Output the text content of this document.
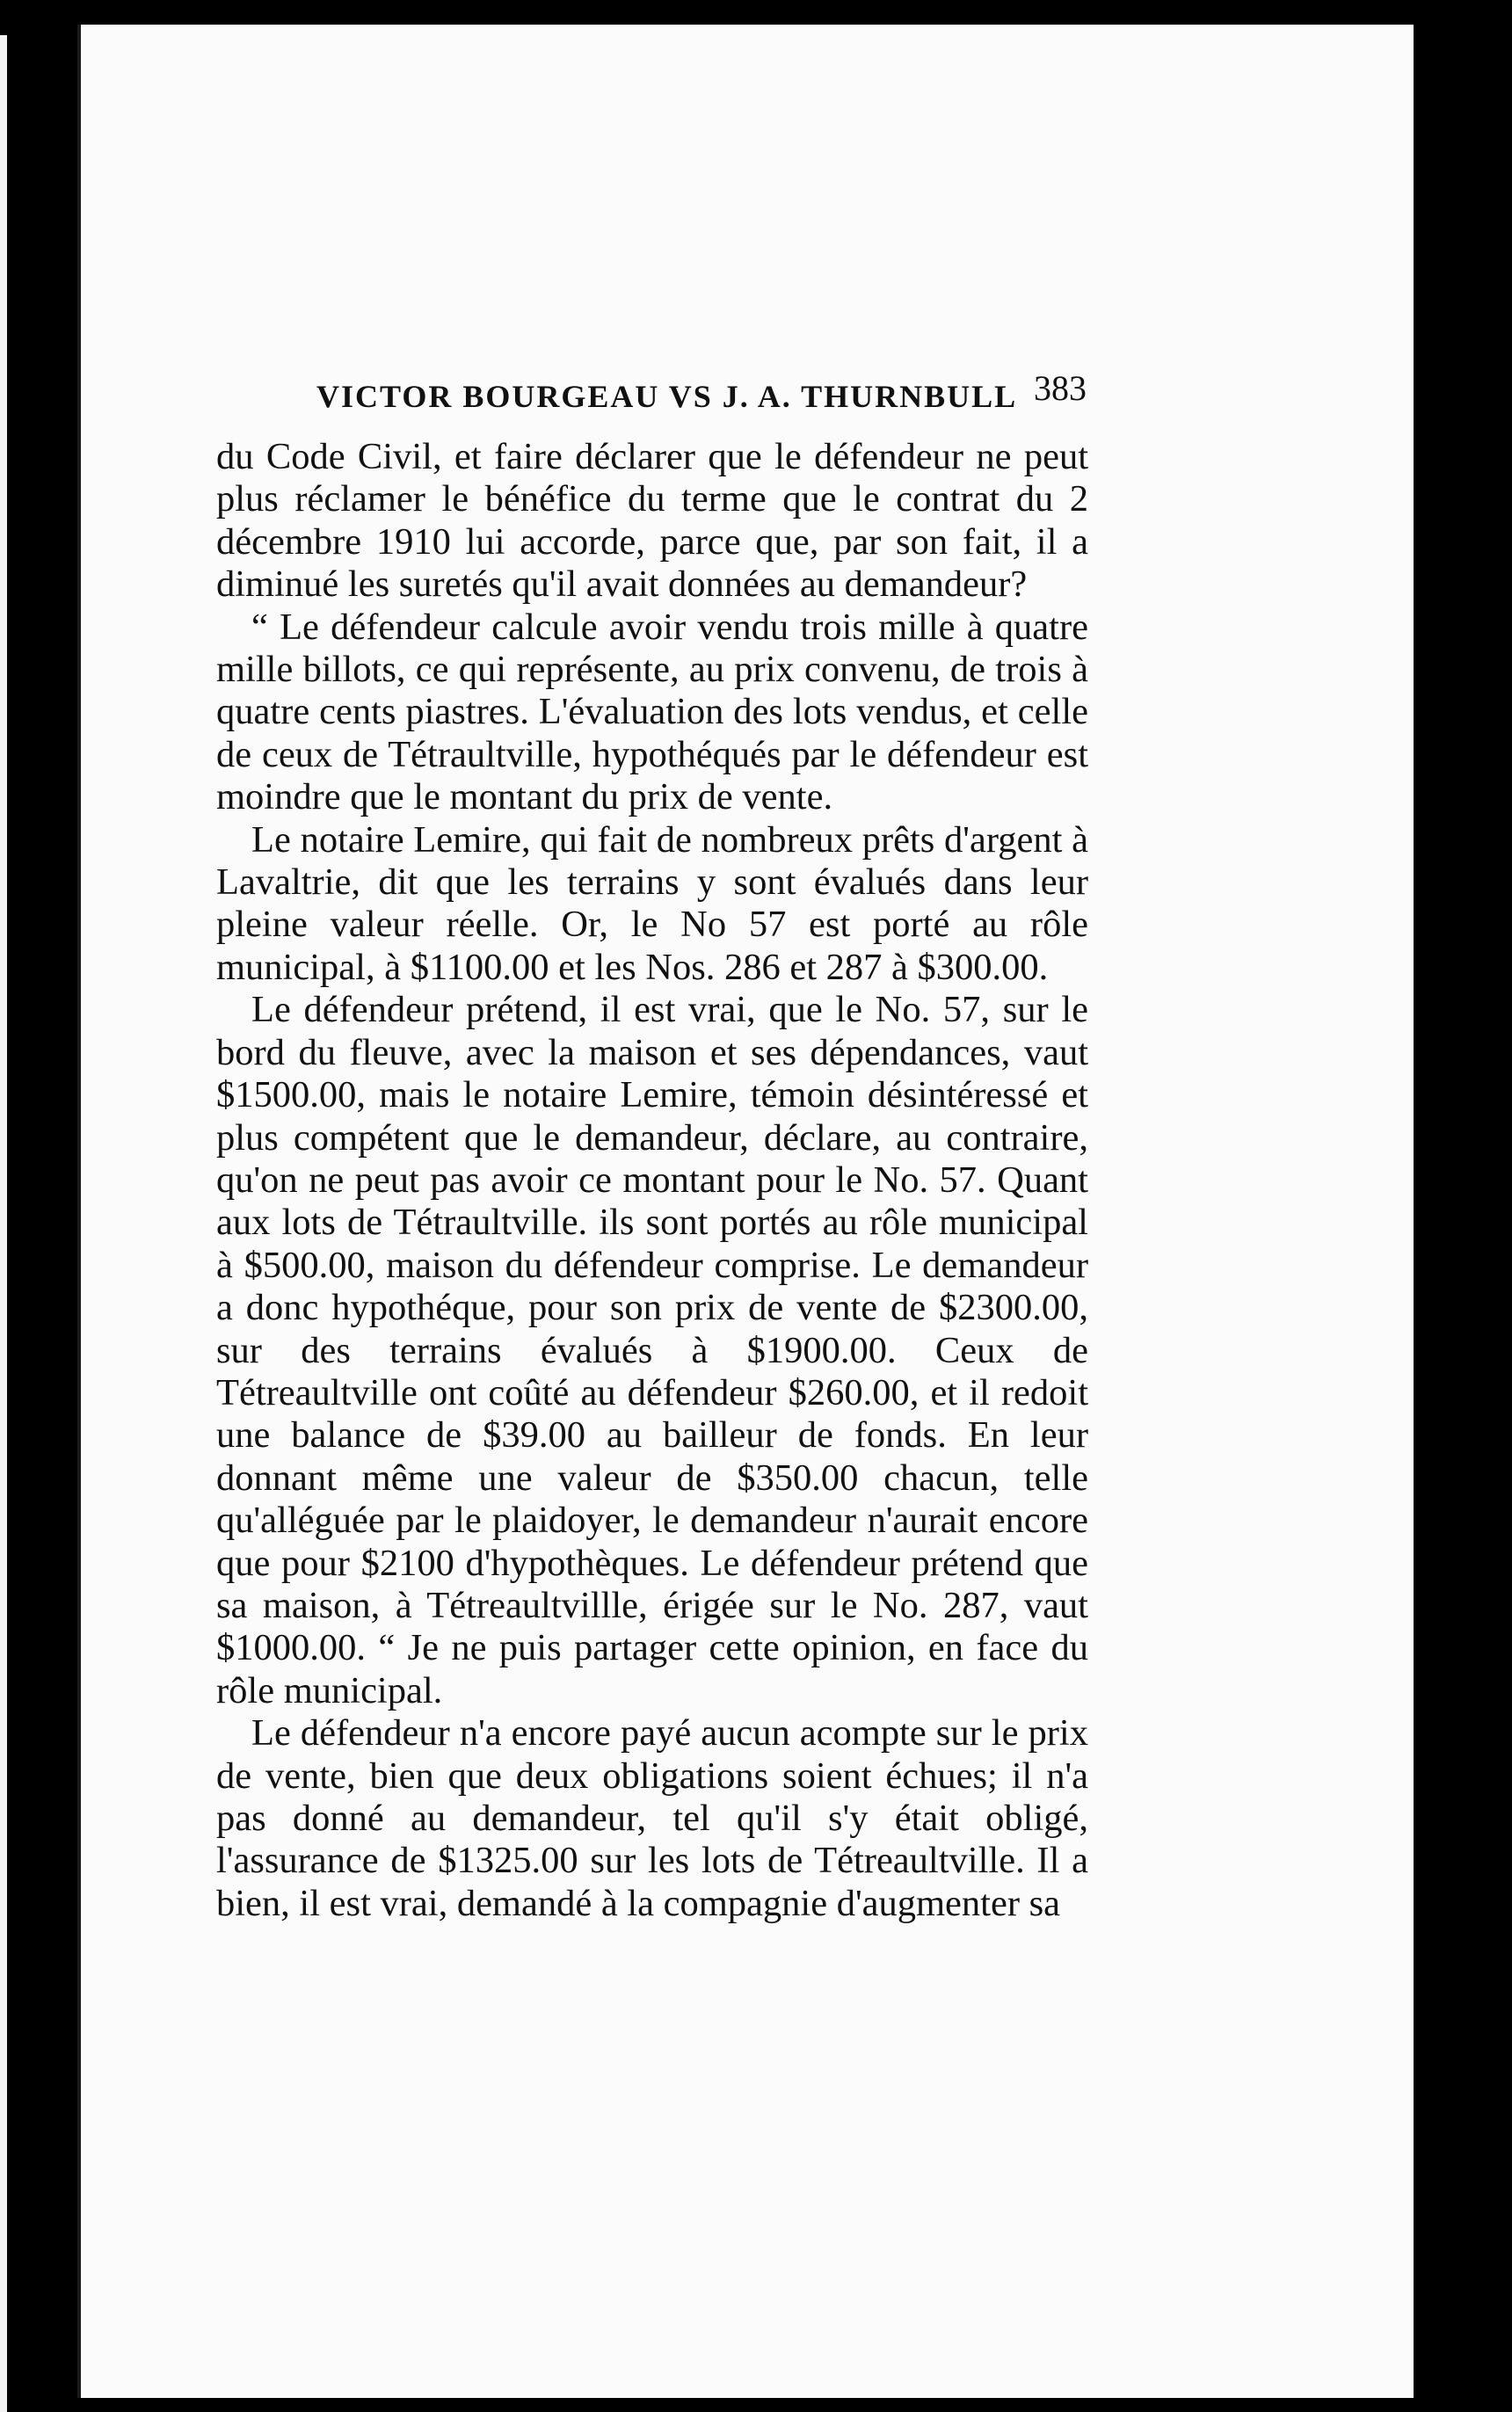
VICTOR BOURGEAU VS J. A. THURNBULL 383

du Code Civil, et faire déclarer que le défendeur ne peut plus réclamer le bénéfice du terme que le contrat du 2 décembre 1910 lui accorde, parce que, par son fait, il a diminué les suretés qu'il avait données au demandeur?

“ Le défendeur calcule avoir vendu trois mille à quatre mille billots, ce qui représente, au prix convenu, de trois à quatre cents piastres. L'évaluation des lots vendus, et celle de ceux de Tétraultville, hypothéqués par le défendeur est moindre que le montant du prix de vente.

Le notaire Lemire, qui fait de nombreux prêts d'argent à Lavaltrie, dit que les terrains y sont évalués dans leur pleine valeur réelle. Or, le No 57 est porté au rôle municipal, à $1100.00 et les Nos. 286 et 287 à $300.00.

Le défendeur prétend, il est vrai, que le No. 57, sur le bord du fleuve, avec la maison et ses dépendances, vaut $1500.00, mais le notaire Lemire, témoin désintéressé et plus compétent que le demandeur, déclare, au contraire, qu'on ne peut pas avoir ce montant pour le No. 57. Quant aux lots de Tétraultville. ils sont portés au rôle municipal à $500.00, maison du défendeur comprise. Le demandeur a donc hypothéque, pour son prix de vente de $2300.00, sur des terrains évalués à $1900.00. Ceux de Tétreaultville ont coûté au défendeur $260.00, et il redoit une balance de $39.00 au bailleur de fonds. En leur donnant même une valeur de $350.00 chacun, telle qu'alléguée par le plaidoyer, le demandeur n'aurait encore que pour $2100 d'hypothèques. Le défendeur prétend que sa maison, à Tétreaultvillle, érigée sur le No. 287, vaut $1000.00. “ Je ne puis partager cette opinion, en face du rôle municipal.

Le défendeur n'a encore payé aucun acompte sur le prix de vente, bien que deux obligations soient échues; il n'a pas donné au demandeur, tel qu'il s'y était obligé, l'assurance de $1325.00 sur les lots de Tétreaultville. Il a bien, il est vrai, demandé à la compagnie d'augmenter sa
